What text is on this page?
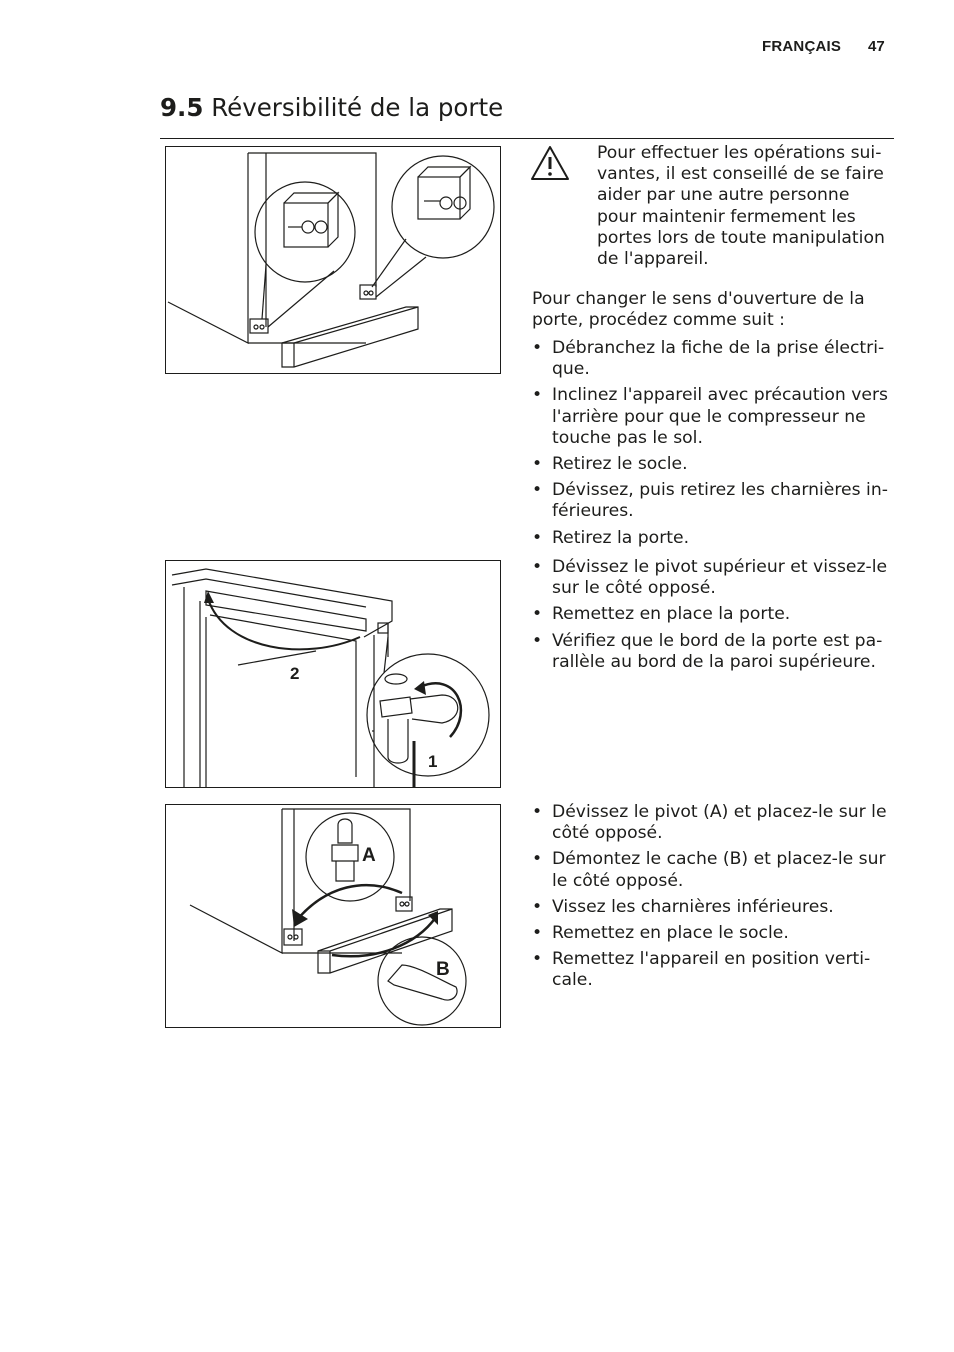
FRANÇAIS 47
9.5 Réversibilité de la porte

Pour effectuer les opérations sui-
vantes, il est conseillé de se faire
aider par une autre personne
pour maintenir fermement les
portes lors de toute manipulation
de l'appareil.

Pour changer le sens d'ouverture de la
porte, procédez comme suit :

• Débranchez la fiche de la prise électri-
que.
• Inclinez l'appareil avec précaution vers
l'arrière pour que le compresseur ne
touche pas le sol.
• Retirez le socle.
• Dévissez, puis retirez les charnières in-
férieures.
• Retirez la porte.
2
1
• Dévissez le pivot supérieur et vissez-le
sur le côté opposé.
• Remettez en place la porte.
• Vérifiez que le bord de la porte est pa-
rallèle au bord de la paroi supérieure.
A
B
• Dévissez le pivot (A) et placez-le sur le
côté opposé.
• Démontez le cache (B) et placez-le sur
le côté opposé.
• Vissez les charnières inférieures.
• Remettez en place le socle.
• Remettez l'appareil en position verti-
cale.
